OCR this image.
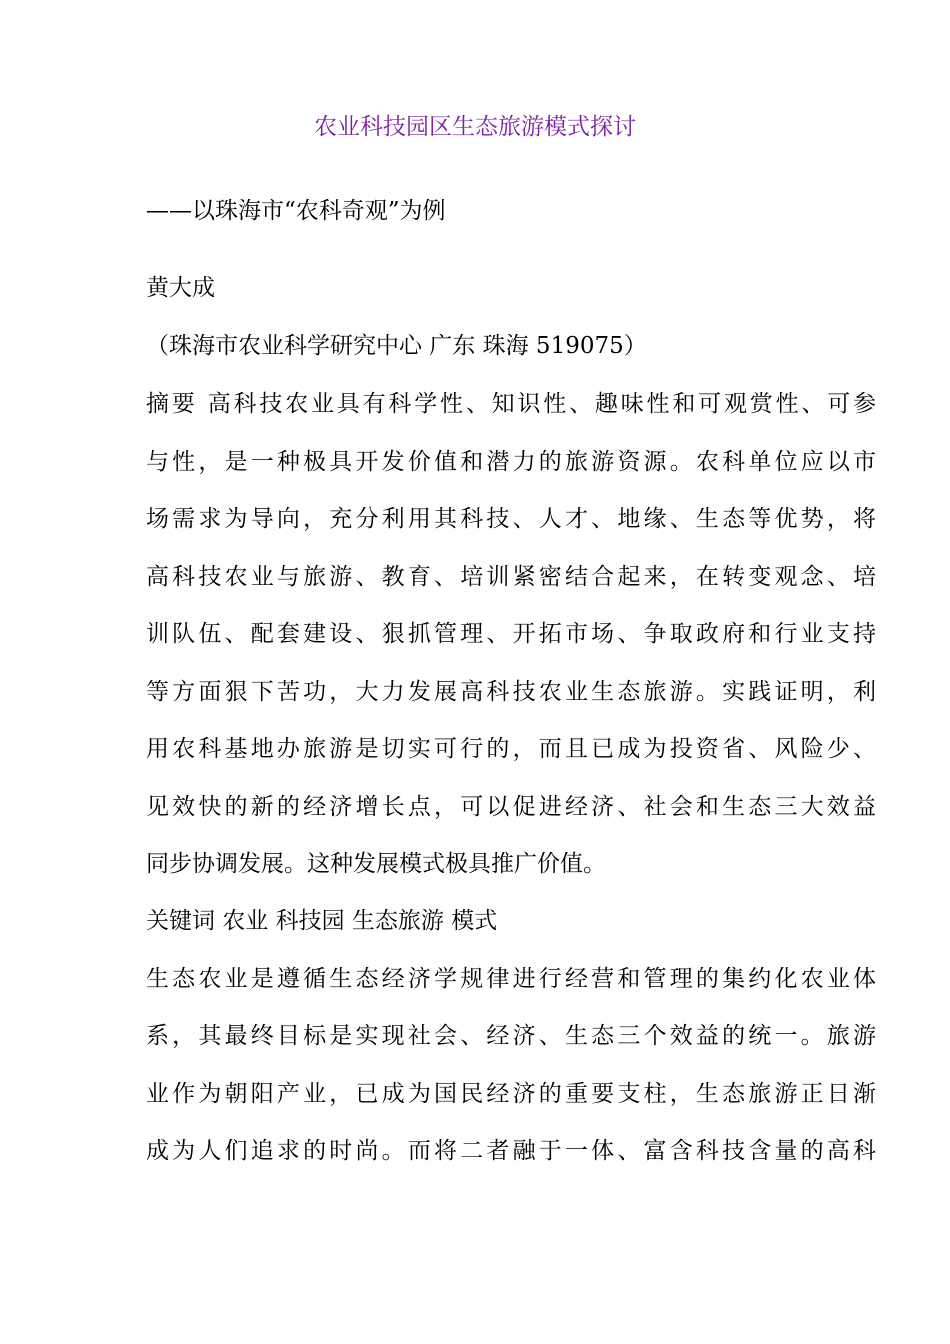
农业科技园区生态旅游模式探讨

——以珠海市“农科奇观”为例

黄大成

（珠海市农业科学研究中心 广东 珠海 519075）

摘要 高科技农业具有科学性、知识性、趣味性和可观赏性、可参

与性，是一种极具开发价值和潜力的旅游资源。农科单位应以市

场需求为导向，充分利用其科技、人才、地缘、生态等优势，将

高科技农业与旅游、教育、培训紧密结合起来，在转变观念、培

训队伍、配套建设、狠抓管理、开拓市场、争取政府和行业支持

等方面狠下苦功，大力发展高科技农业生态旅游。实践证明，利

用农科基地办旅游是切实可行的，而且已成为投资省、风险少、

见效快的新的经济增长点，可以促进经济、社会和生态三大效益

同步协调发展。这种发展模式极具推广价值。

关键词 农业 科技园 生态旅游 模式

生态农业是遵循生态经济学规律进行经营和管理的集约化农业体

系，其最终目标是实现社会、经济、生态三个效益的统一。旅游

业作为朝阳产业，已成为国民经济的重要支柱，生态旅游正日渐

成为人们追求的时尚。而将二者融于一体、富含科技含量的高科
